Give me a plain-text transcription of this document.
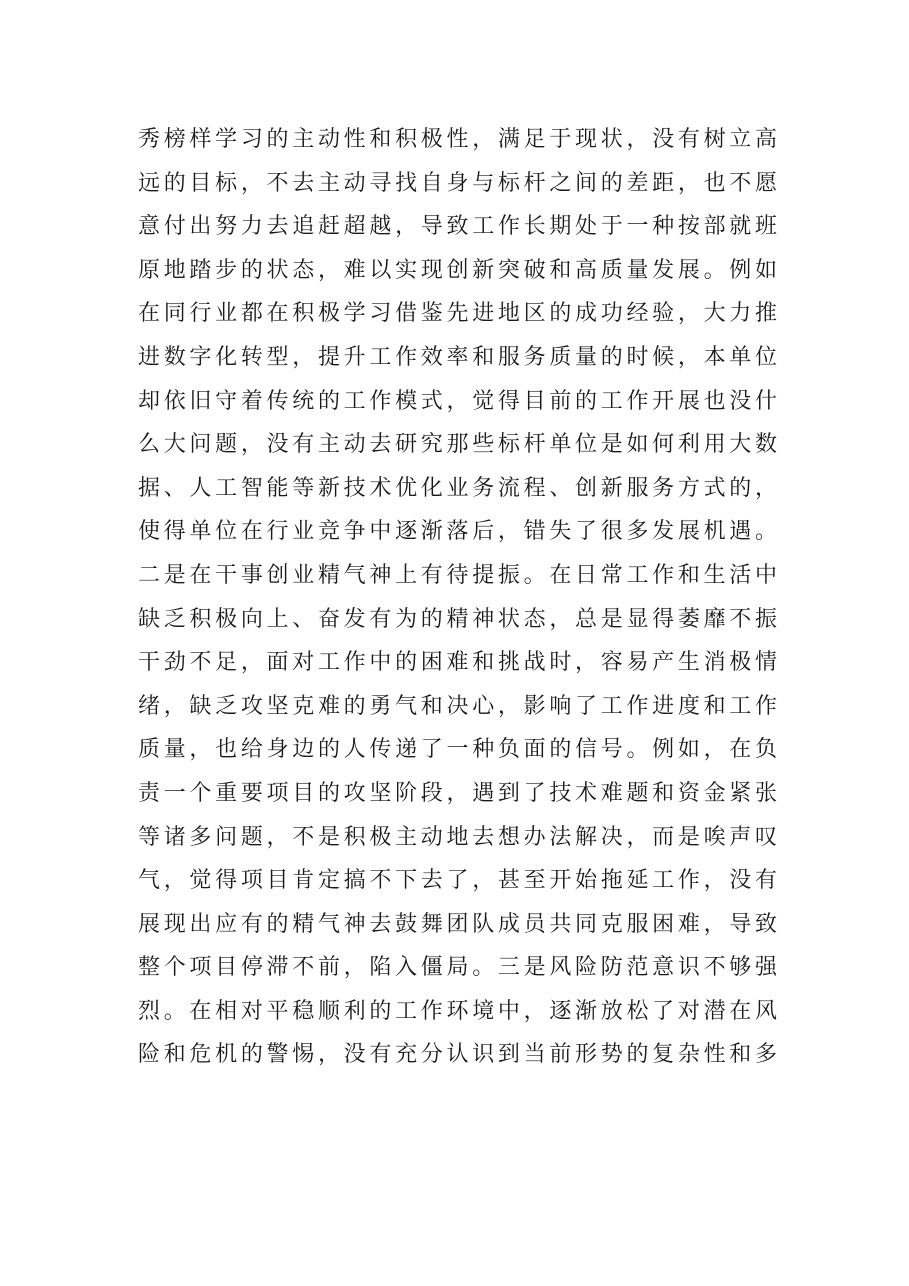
秀榜样学习的主动性和积极性，满足于现状，没有树立高
远的目标，不去主动寻找自身与标杆之间的差距，也不愿
意付出努力去追赶超越，导致工作长期处于一种按部就班
原地踏步的状态，难以实现创新突破和高质量发展。例如
在同行业都在积极学习借鉴先进地区的成功经验，大力推
进数字化转型，提升工作效率和服务质量的时候，本单位
却依旧守着传统的工作模式，觉得目前的工作开展也没什
么大问题，没有主动去研究那些标杆单位是如何利用大数
据、人工智能等新技术优化业务流程、创新服务方式的，
使得单位在行业竞争中逐渐落后，错失了很多发展机遇。
二是在干事创业精气神上有待提振。在日常工作和生活中
缺乏积极向上、奋发有为的精神状态，总是显得萎靡不振
干劲不足，面对工作中的困难和挑战时，容易产生消极情
绪，缺乏攻坚克难的勇气和决心，影响了工作进度和工作
质量，也给身边的人传递了一种负面的信号。例如，在负
责一个重要项目的攻坚阶段，遇到了技术难题和资金紧张
等诸多问题，不是积极主动地去想办法解决，而是唉声叹
气，觉得项目肯定搞不下去了，甚至开始拖延工作，没有
展现出应有的精气神去鼓舞团队成员共同克服困难，导致
整个项目停滞不前，陷入僵局。三是风险防范意识不够强
烈。在相对平稳顺利的工作环境中，逐渐放松了对潜在风
险和危机的警惕，没有充分认识到当前形势的复杂性和多
